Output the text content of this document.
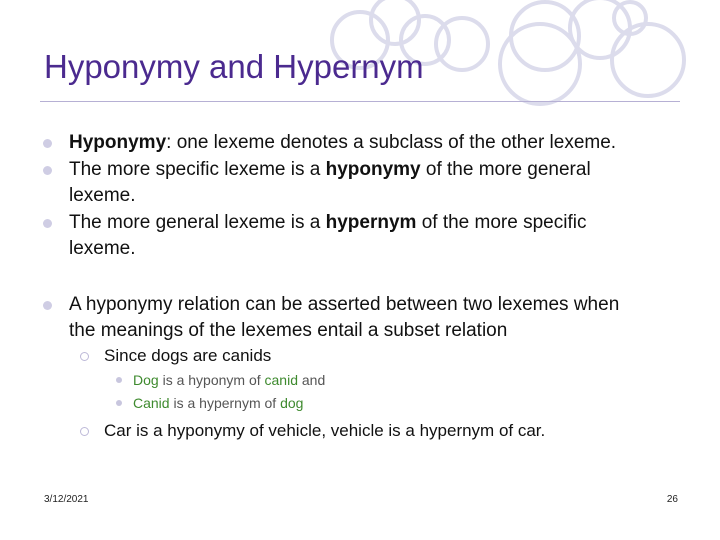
Hyponymy and Hypernym
Hyponymy: one lexeme denotes a subclass of the other lexeme.
The more specific lexeme is a hyponymy of the more general
lexeme.
The more general lexeme is a hypernym of the more specific
lexeme.
A hyponymy relation can be asserted between two lexemes when
the meanings of the lexemes entail a subset relation
Since dogs are canids
Dog is a hyponym of canid and
Canid is a hypernym of dog
Car is a hyponymy of vehicle, vehicle is a hypernym of car.
3/12/2021	26
